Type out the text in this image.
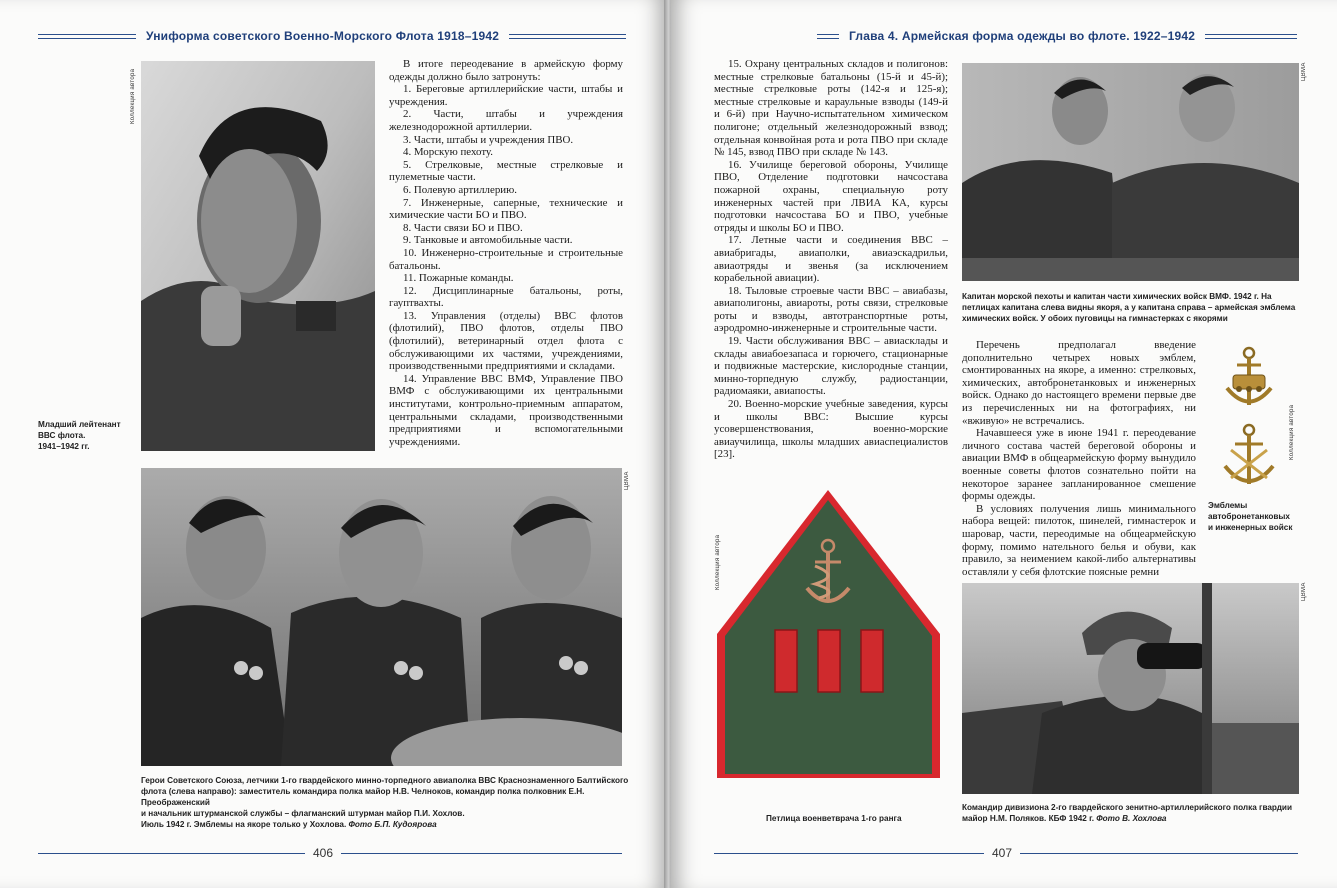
Униформа советского Военно-Морского Флота 1918–1942
Коллекция автора
Младший лейтенант
ВВС флота.
1941–1942 гг.

В итоге переодевание в армейскую форму одежды должно было затронуть:

1. Береговые артиллерийские части, штабы и учреждения.

2. Части, штабы и учреждения железнодорожной артиллерии.

3. Части, штабы и учреждения ПВО.

4. Морскую пехоту.

5. Стрелковые, местные стрелковые и пулеметные части.

6. Полевую артиллерию.

7. Инженерные, саперные, технические и химические части БО и ПВО.

8. Части связи БО и ПВО.

9. Танковые и автомобильные части.

10. Инженерно-строительные и строительные батальоны.

11. Пожарные команды.

12. Дисциплинарные батальоны, роты, гауптвахты.

13. Управления (отделы) ВВС флотов (флотилий), ПВО флотов, отделы ПВО (флотилий), ветеринарный отдел флота с обслуживающими их частями, учреждениями, производственными предприятиями и складами.

14. Управление ВВС ВМФ, Управление ПВО ВМФ с обслуживающими их центральными институтами, контрольно-приемным аппаратом, центральными складами, производственными предприятиями и вспомогательными учреждениями.

ЦВМА
Герои Советского Союза, летчики 1-го гвардейского минно-торпедного авиаполка ВВС Краснознаменного Балтийского
флота (слева направо): заместитель командира полка майор Н.В. Челноков, командир полка полковник Е.Н. Преображенский
и начальник штурманской службы – флагманский штурман майор П.И. Хохлов.
Июль 1942 г. Эмблемы на якоре только у Хохлова. Фото Б.П. Кудоярова
406
Глава 4. Армейская форма одежды во флоте. 1922–1942

15. Охрану центральных складов и полигонов: местные стрелковые батальоны (15-й и 45-й); местные стрелковые роты (142-я и 125-я); местные стрелковые и караульные взводы (149-й и 6-й) при Научно-испытательном химическом полигоне; отдельный железнодорожный взвод; отдельная конвойная рота и рота ПВО при складе № 145, взвод ПВО при складе № 143.

16. Училище береговой обороны, Училище ПВО, Отделение подготовки начсостава пожарной охраны, специальную роту инженерных частей при ЛВИА КА, курсы подготовки начсостава БО и ПВО, учебные отряды и школы БО и ПВО.

17. Летные части и соединения ВВС – авиабригады, авиаполки, авиаэскадрильи, авиаотряды и звенья (за исключением корабельной авиации).

18. Тыловые строевые части ВВС – авиабазы, авиаполигоны, авиароты, роты связи, стрелковые роты и взводы, автотранспортные роты, аэродромно-инженерные и строительные части.

19. Части обслуживания ВВС – авиасклады и склады авиабоезапаса и горючего, стационарные и подвижные мастерские, кислородные станции, минно-торпедную службу, радиостанции, радиомаяки, авиапосты.

20. Военно-морские учебные заведения, курсы и школы ВВС: Высшие курсы усовершенствования, военно-морские авиаучилища, школы младших авиаспециалистов [23].

ЦВМА
Капитан морской пехоты и капитан части химических войск ВМФ. 1942 г. На петлицах капитана слева видны якоря, а у капитана справа – армейская эмблема химических войск. У обоих пуговицы на гимнастерках с якорями

Перечень предполагал введение дополнительно четырех новых эмблем, смонтированных на якоре, а именно: стрелковых, химических, автобронетанковых и инженерных войск. Однако до настоящего времени первые две из перечисленных ни на фотографиях, ни «вживую» не встречались.

Начавшееся уже в июне 1941 г. переодевание личного состава частей береговой обороны и авиации ВМФ в общеармейскую форму вынудило военные советы флотов сознательно пойти на некоторое заранее запланированное смешение формы одежды.

В условиях получения лишь минимального набора вещей: пилоток, шинелей, гимнастерок и шаровар, части, переодимые на общеармейскую форму, помимо нательного белья и обуви, как правило, за неимением какой-либо альтернативы оставляли у себя флотские поясные ремни

Коллекция автора
Эмблемы
автобронетанковых
и инженерных войск
Коллекция автора
Петлица военветврача 1-го ранга
ЦВМА
Командир дивизиона 2-го гвардейского зенитно-артиллерийского полка гвардии
майор Н.М. Поляков. КБФ 1942 г. Фото В. Хохлова
407
